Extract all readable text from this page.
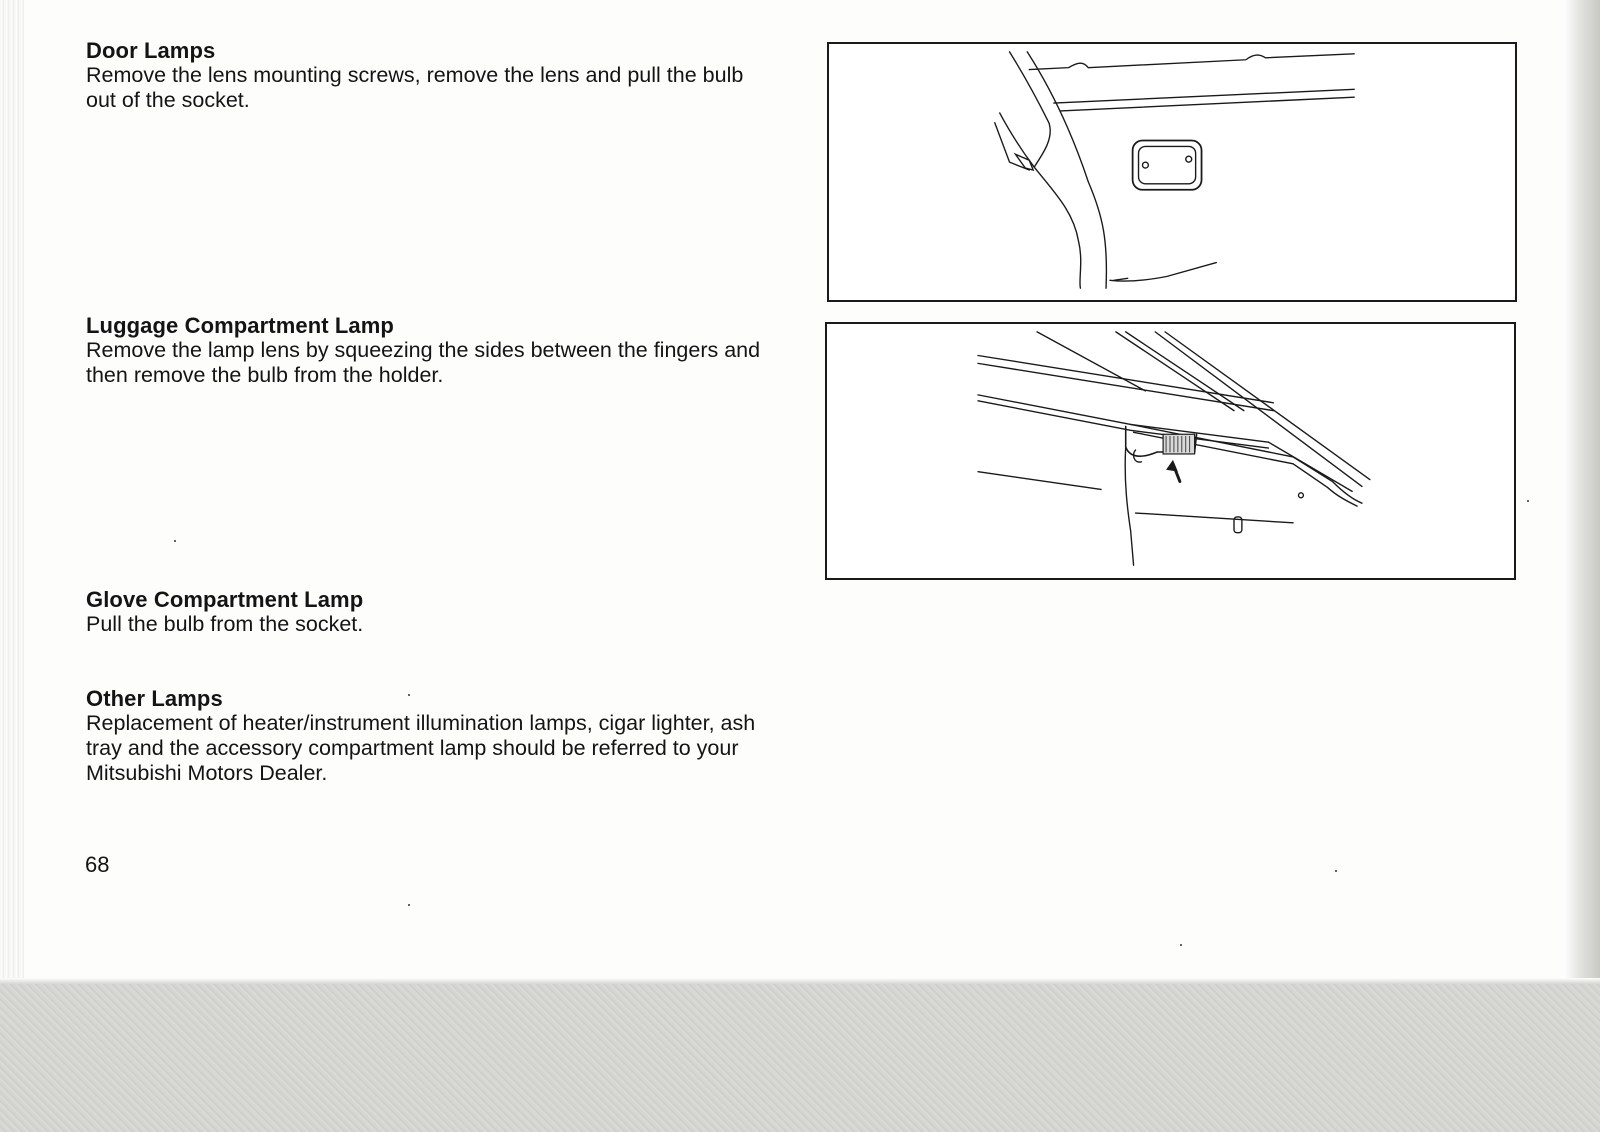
Door Lamps

Remove the lens mounting screws, remove the lens and pull the bulb out of the socket.

Luggage Compartment Lamp

Remove the lamp lens by squeezing the sides between the fingers and then remove the bulb from the holder.

Glove Compartment Lamp

Pull the bulb from the socket.

Other Lamps

Replacement of heater/instrument illumination lamps, cigar lighter, ash tray and the accessory compartment lamp should be referred to your Mitsubishi Motors Dealer.

68
